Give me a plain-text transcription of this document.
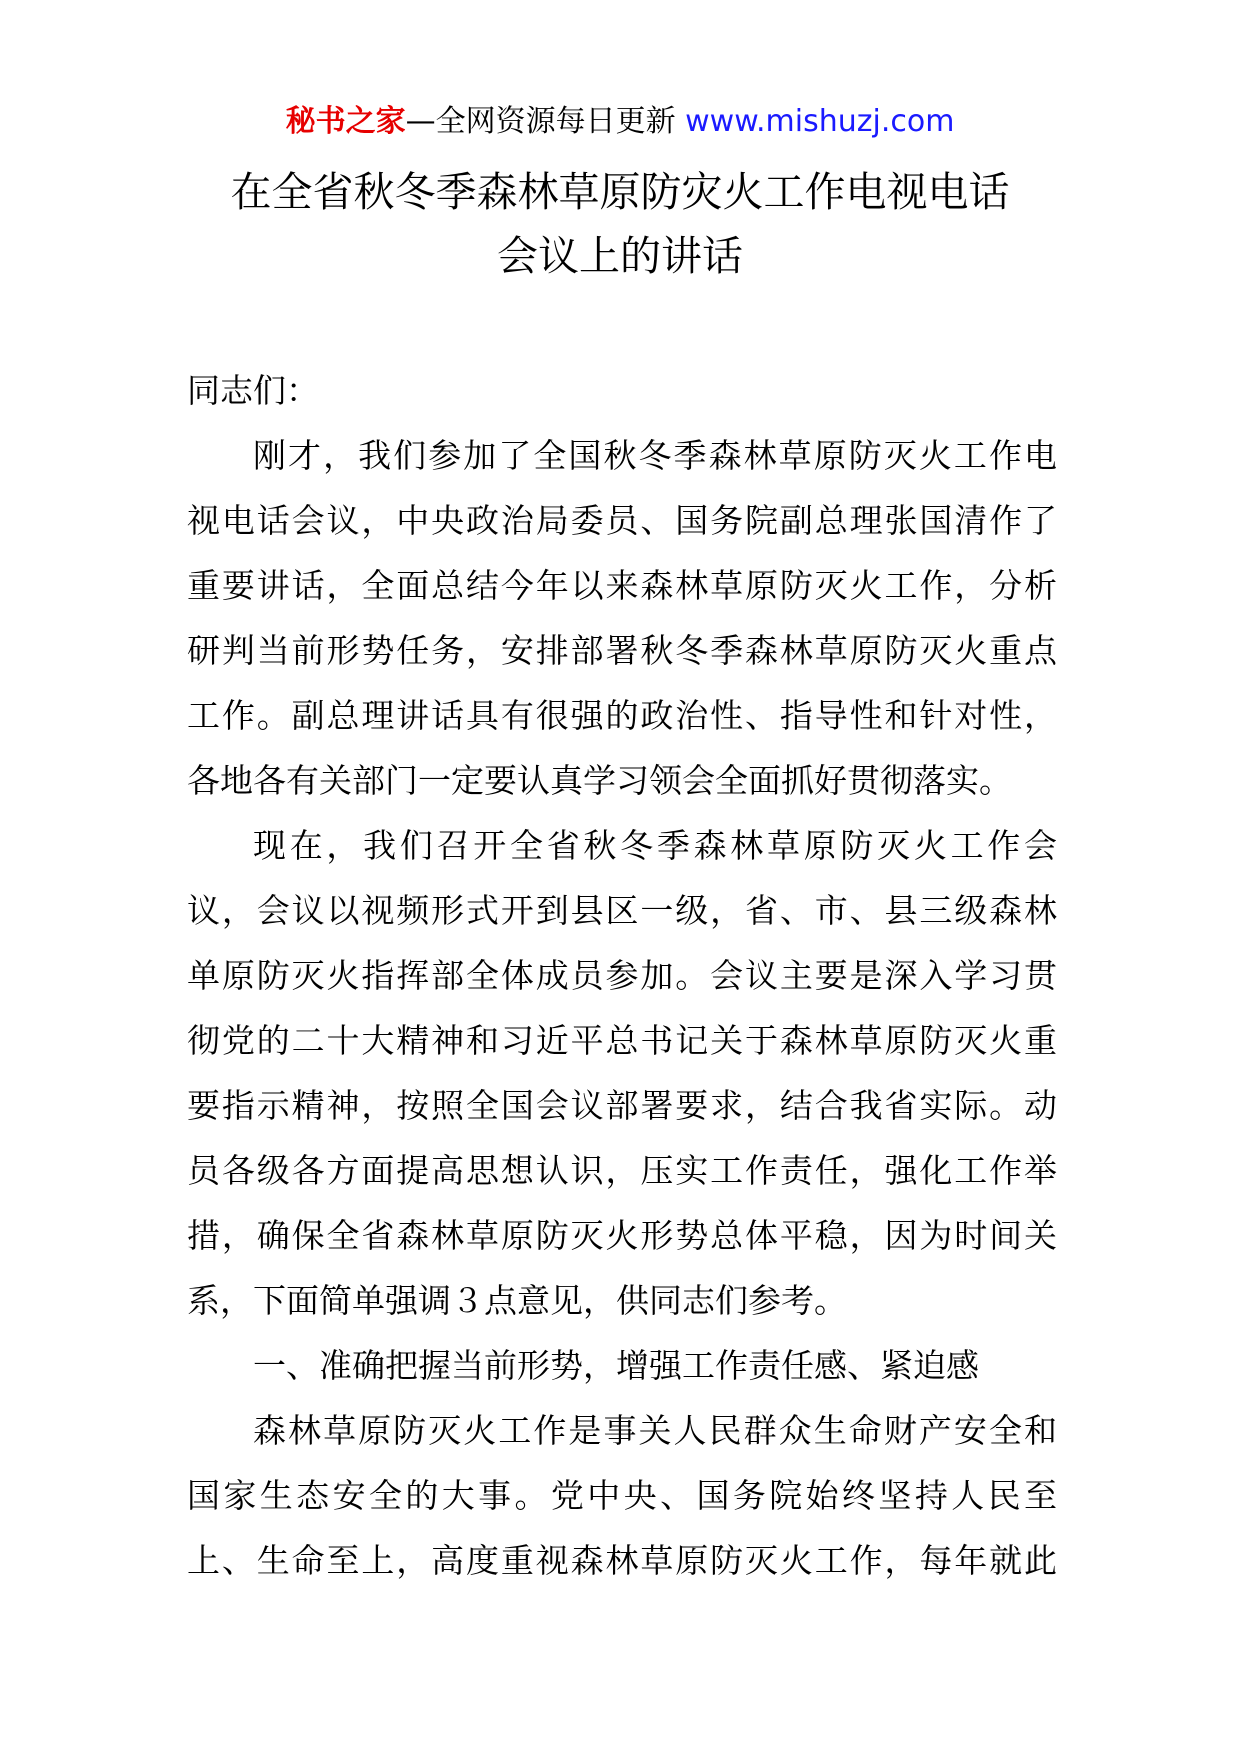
秘书之家—全网资源每日更新 www.mishuzj.com
在全省秋冬季森林草原防灾火工作电视电话
会议上的讲话
同志们：
刚才，我们参加了全国秋冬季森林草原防灭火工作电
视电话会议，中央政治局委员、国务院副总理张国清作了
重要讲话，全面总结今年以来森林草原防灭火工作，分析
研判当前形势任务，安排部署秋冬季森林草原防灭火重点
工作。副总理讲话具有很强的政治性、指导性和针对性，
各地各有关部门一定要认真学习领会全面抓好贯彻落实。
现在，我们召开全省秋冬季森林草原防灭火工作会
议，会议以视频形式开到县区一级，省、市、县三级森林
单原防灭火指挥部全体成员参加。会议主要是深入学习贯
彻党的二十大精神和习近平总书记关于森林草原防灭火重
要指示精神，按照全国会议部署要求，结合我省实际。动
员各级各方面提高思想认识，压实工作责任，强化工作举
措，确保全省森林草原防灭火形势总体平稳，因为时间关
系，下面简单强调３点意见，供同志们参考。
一、准确把握当前形势，增强工作责任感、紧迫感
森林草原防灭火工作是事关人民群众生命财产安全和
国家生态安全的大事。党中央、国务院始终坚持人民至
上、生命至上，高度重视森林草原防灭火工作，每年就此
